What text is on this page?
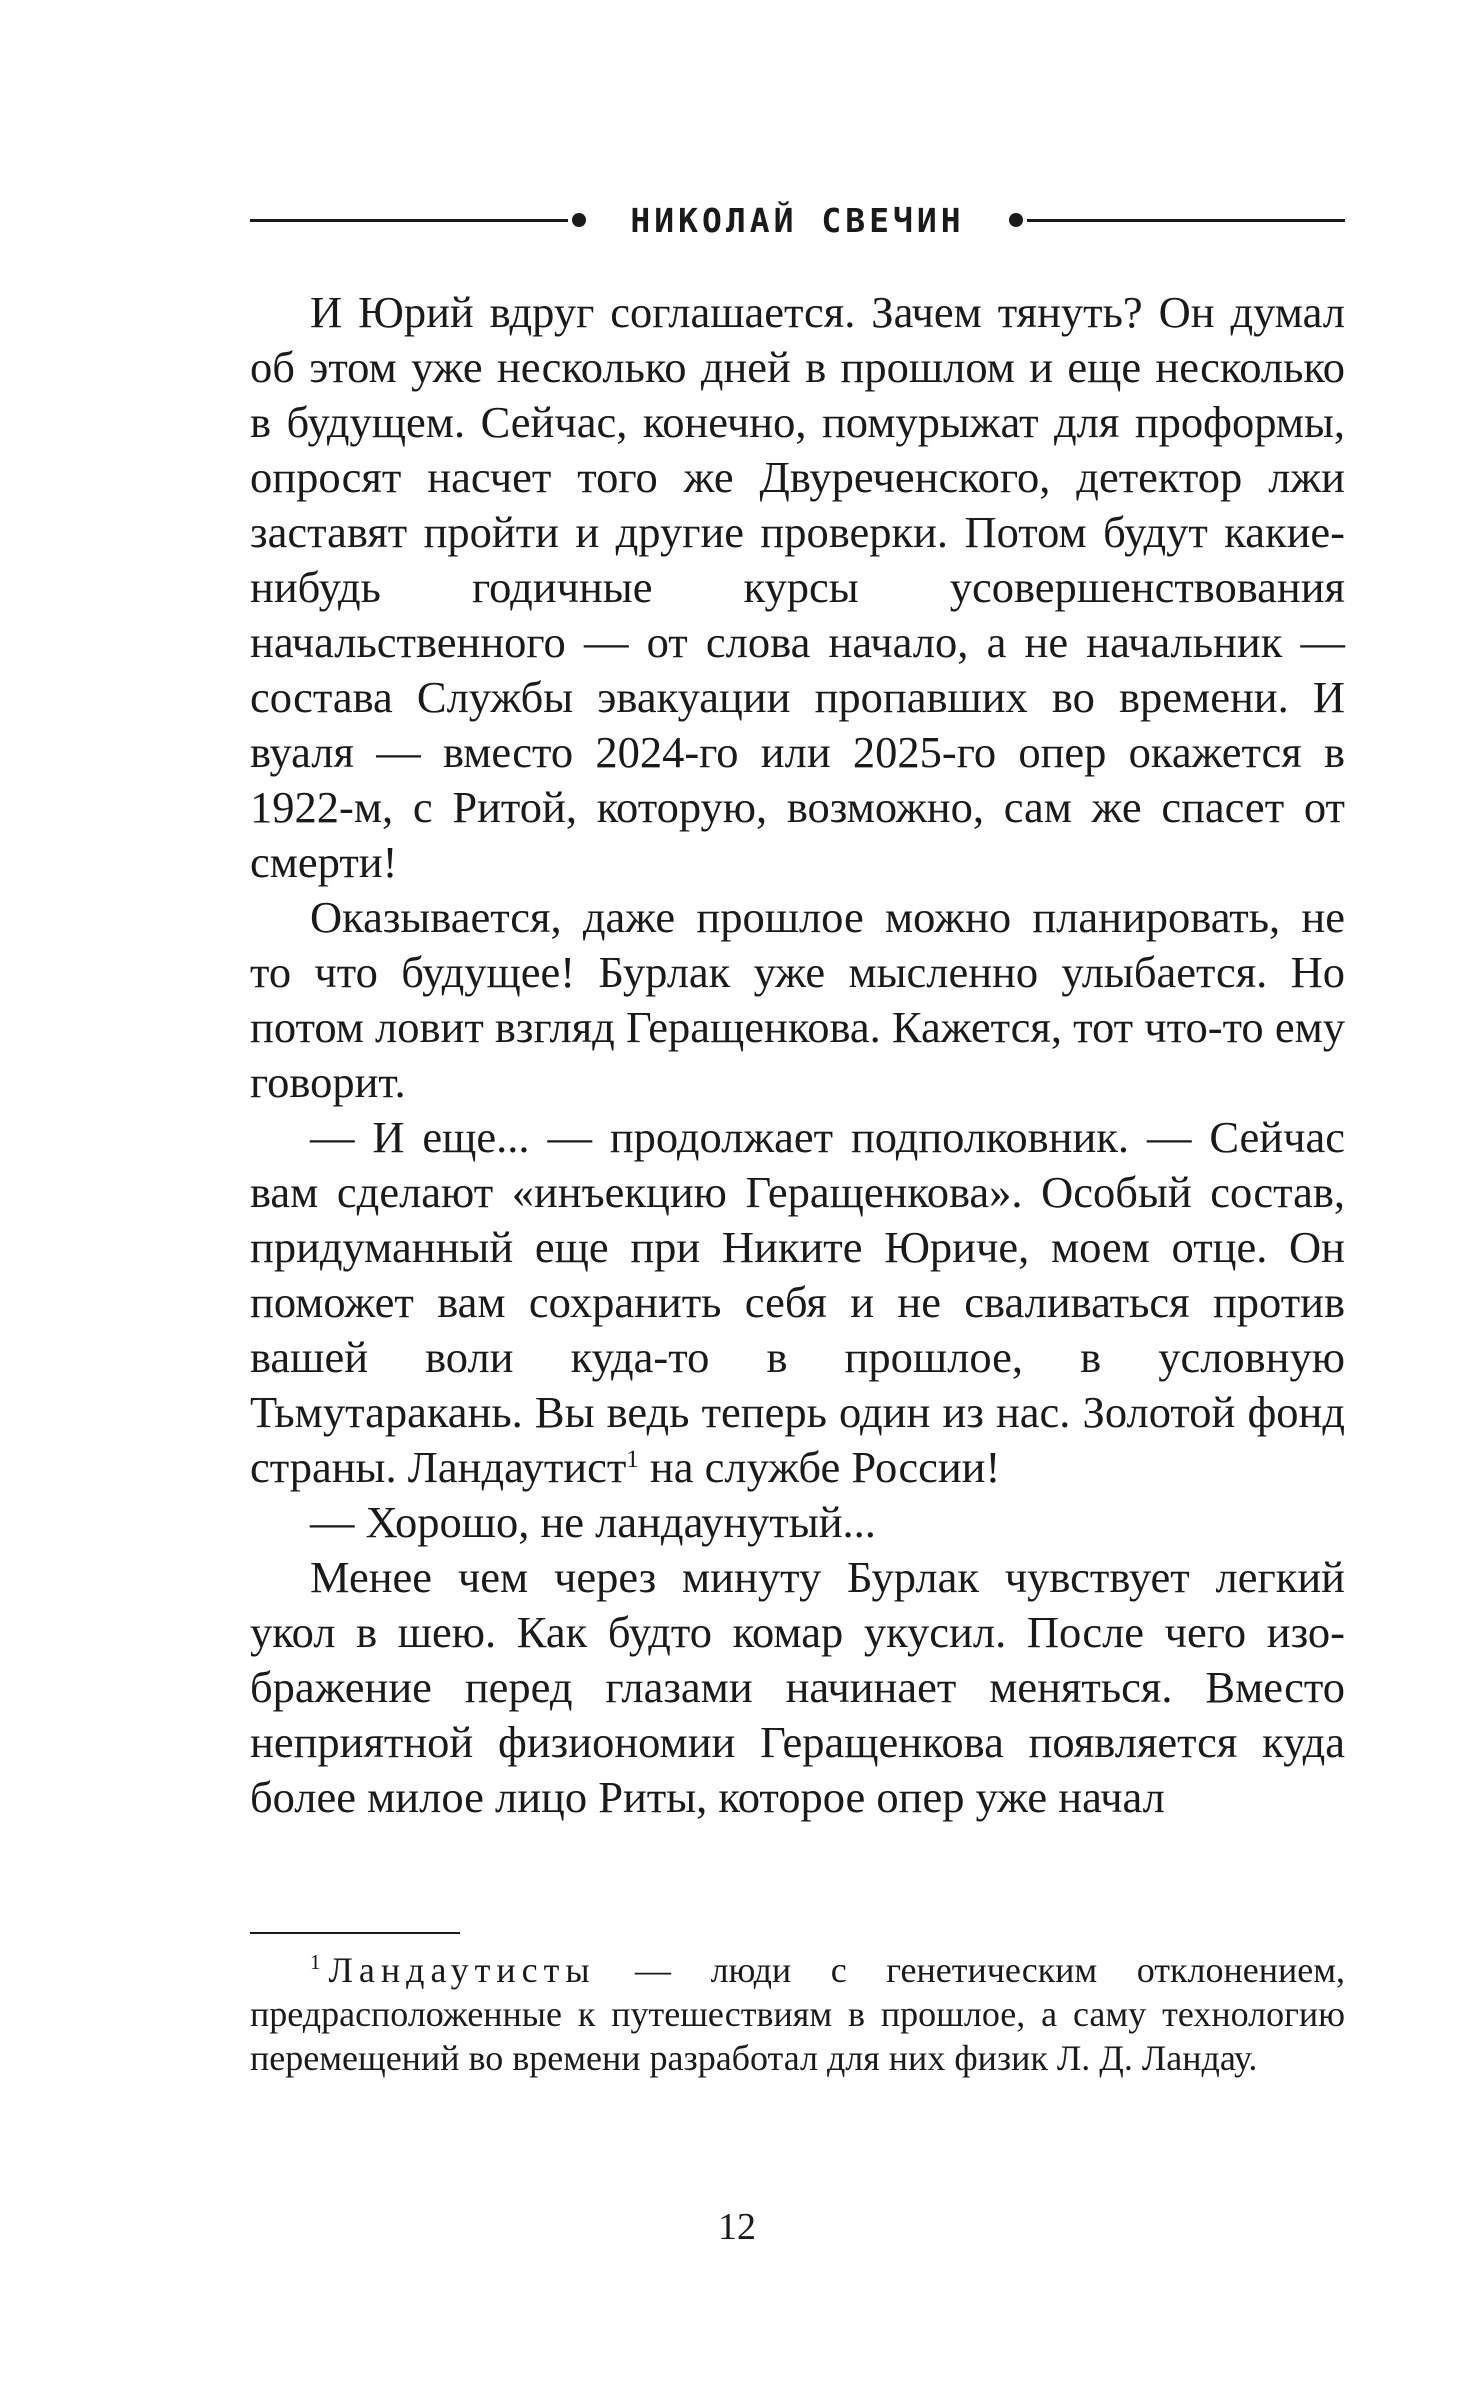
НИКОЛАЙ СВЕЧИН

И Юрий вдруг соглашается. Зачем тянуть? Он думал об этом уже несколько дней в прошлом и еще несколько в будущем. Сейчас, конечно, помурыжат для проформы, опросят насчет того же Двуреченского, детектор лжи заставят пройти и другие проверки. Потом будут какие-нибудь годичные курсы усовершенствования начальственного — от слова начало, а не начальник — состава Службы эвакуации пропавших во времени. И вуаля — вместо 2024-го или 2025-го опер окажется в 1922-м, с Ритой, которую, возможно, сам же спасет от смерти!

Оказывается, даже прошлое можно планировать, не то что будущее! Бурлак уже мысленно улыбается. Но потом ловит взгляд Геращенкова. Кажется, тот что-то ему говорит.

— И еще... — продолжает подполковник. — Сейчас вам сделают «инъекцию Геращенкова». Особый состав, придуманный еще при Никите Юриче, моем отце. Он поможет вам сохранить себя и не сваливаться против вашей воли куда-то в прошлое, в условную Тьмутаракань. Вы ведь теперь один из нас. Золотой фонд страны. Ландаутист$^1$ на службе России!

— Хорошо, не ландаунутый...

Менее чем через минуту Бурлак чувствует легкий укол в шею. Как будто комар укусил. После чего изображение перед глазами начинает меняться. Вместо неприятной физиономии Геращенкова появляется куда более милое лицо Риты, которое опер уже начал

$^1$ Ландаутисты — люди с генетическим отклонением, предрасположенные к путешествиям в прошлое, а саму технологию перемещений во времени разработал для них физик Л. Д. Ландау.
12
